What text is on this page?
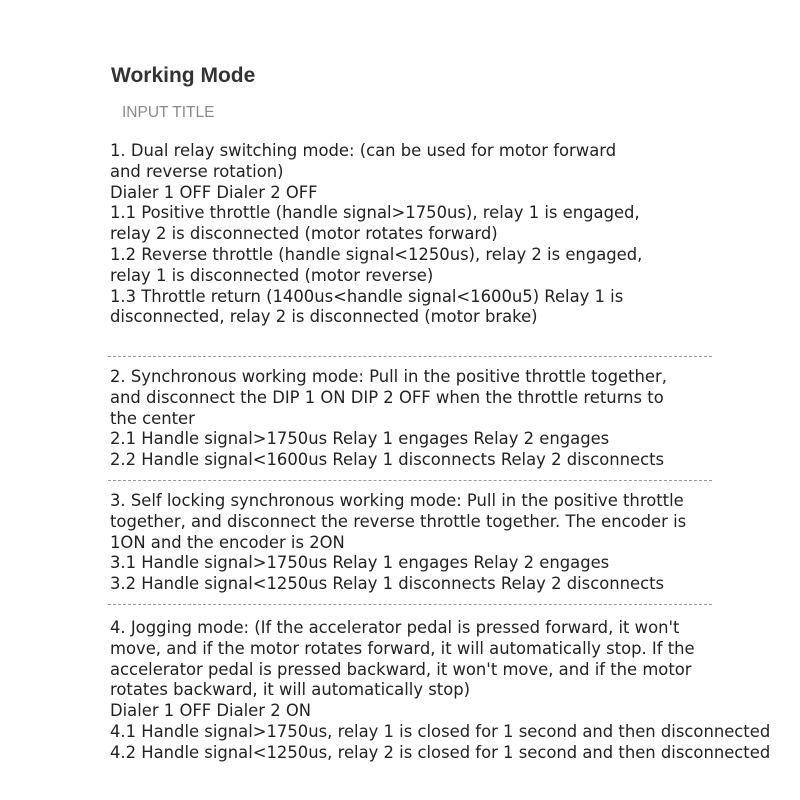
Working Mode
INPUT TITLE
1. Dual relay switching mode: (can be used for motor forward
and reverse rotation)
Dialer 1 OFF Dialer 2 OFF
1.1 Positive throttle (handle signal>1750us), relay 1 is engaged,
relay 2 is disconnected (motor rotates forward)
1.2 Reverse throttle (handle signal<1250us), relay 2 is engaged,
relay 1 is disconnected (motor reverse)
1.3 Throttle return (1400us<handle signal<1600u5) Relay 1 is
disconnected, relay 2 is disconnected (motor brake)
2. Synchronous working mode: Pull in the positive throttle together,
and disconnect the DIP 1 ON DIP 2 OFF when the throttle returns to
the center
2.1 Handle signal>1750us Relay 1 engages Relay 2 engages
2.2 Handle signal<1600us Relay 1 disconnects Relay 2 disconnects
3. Self locking synchronous working mode: Pull in the positive throttle
together, and disconnect the reverse throttle together. The encoder is
1ON and the encoder is 2ON
3.1 Handle signal>1750us Relay 1 engages Relay 2 engages
3.2 Handle signal<1250us Relay 1 disconnects Relay 2 disconnects
4. Jogging mode: (If the accelerator pedal is pressed forward, it won't
move, and if the motor rotates forward, it will automatically stop. If the
accelerator pedal is pressed backward, it won't move, and if the motor
rotates backward, it will automatically stop)
Dialer 1 OFF Dialer 2 ON
4.1 Handle signal>1750us, relay 1 is closed for 1 second and then disconnected
4.2 Handle signal<1250us, relay 2 is closed for 1 second and then disconnected
